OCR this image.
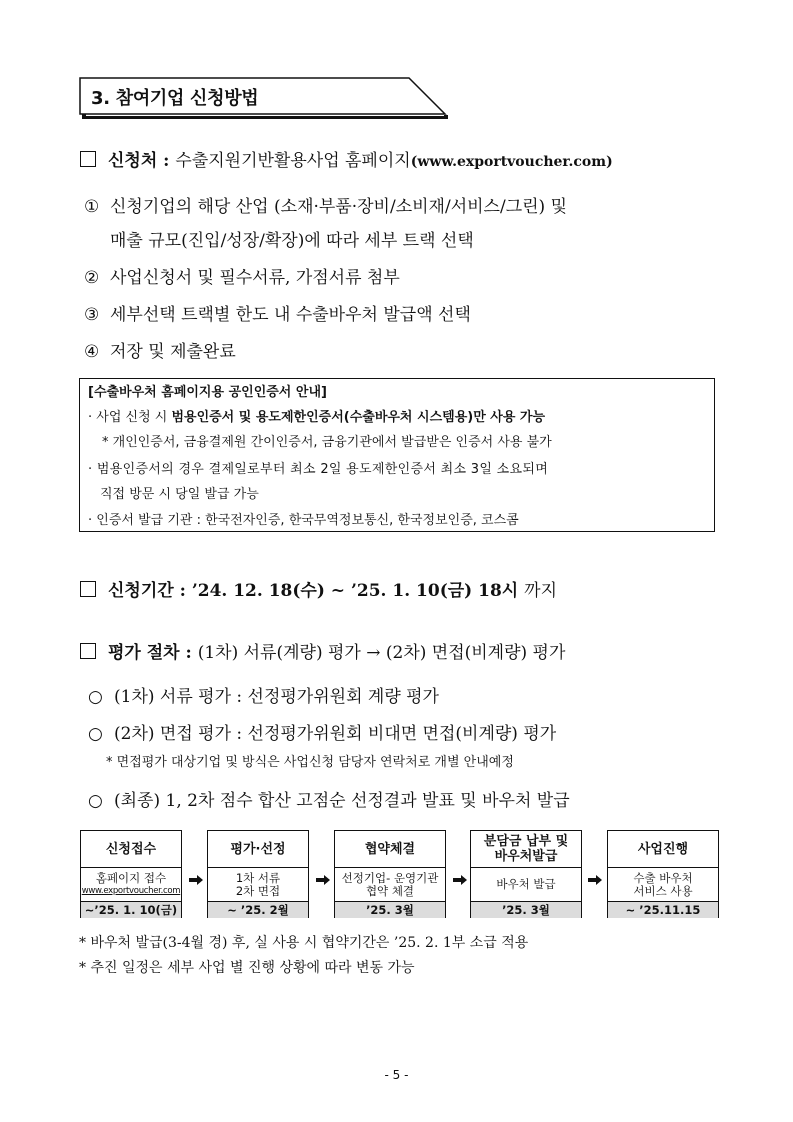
3. 참여기업 신청방법
신청처 : 수출지원기반활용사업 홈페이지(www.exportvoucher.com)
① 신청기업의 해당 산업 (소재·부품·장비/소비재/서비스/그린) 및
매출 규모(진입/성장/확장)에 따라 세부 트랙 선택
② 사업신청서 및 필수서류, 가점서류 첨부
③ 세부선택 트랙별 한도 내 수출바우처 발급액 선택
④ 저장 및 제출완료
[수출바우처 홈페이지용 공인인증서 안내]
· 사업 신청 시 범용인증서 및 용도제한인증서(수출바우처 시스템용)만 사용 가능
* 개인인증서, 금융결제원 간이인증서, 금융기관에서 발급받은 인증서 사용 불가
· 범용인증서의 경우 결제일로부터 최소 2일 용도제한인증서 최소 3일 소요되며
직접 방문 시 당일 발급 가능
· 인증서 발급 기관 : 한국전자인증, 한국무역정보통신, 한국정보인증, 코스콤
신청기간 : ’24. 12. 18(수) ~ ’25. 1. 10(금) 18시 까지
평가 절차 : (1차) 서류(계량) 평가 → (2차) 면접(비계량) 평가
○ (1차) 서류 평가 : 선정평가위원회 계량 평가
○ (2차) 면접 평가 : 선정평가위원회 비대면 면접(비계량) 평가
* 면접평가 대상기업 및 방식은 사업신청 담당자 연락처로 개별 안내예정
○ (최종) 1, 2차 점수 합산 고점순 선정결과 발표 및 바우처 발급
신청접수
홈페이지 접수
www.exportvoucher.com
~’25. 1. 10(금)
평가·선정
1차 서류
2차 면접
~ ’25. 2월
협약체결
선정기업- 운영기관
협약 체결
’25. 3월
분담금 납부 및 바우처발급
바우처 발급
’25. 3월
사업진행
수출 바우처
서비스 사용
~ ’25.11.15
* 바우처 발급(3-4월 경) 후, 실 사용 시 협약기간은 ’25. 2. 1부 소급 적용
* 추진 일정은 세부 사업 별 진행 상황에 따라 변동 가능
- 5 -
